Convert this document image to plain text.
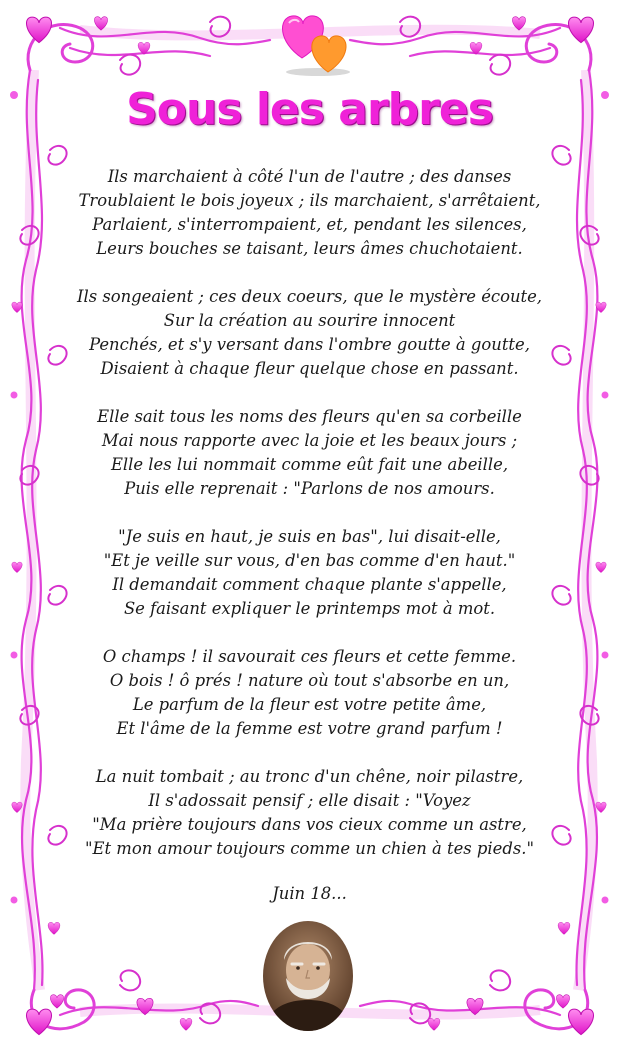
Sous les arbres
Ils marchaient à côté l'un de l'autre ; des danses
Troublaient le bois joyeux ; ils marchaient, s'arrêtaient,
Parlaient, s'interrompaient, et, pendant les silences,
Leurs bouches se taisant, leurs âmes chuchotaient.
Ils songeaient ; ces deux coeurs, que le mystère écoute,
Sur la création au sourire innocent
Penchés, et s'y versant dans l'ombre goutte à goutte,
Disaient à chaque fleur quelque chose en passant.
Elle sait tous les noms des fleurs qu'en sa corbeille
Mai nous rapporte avec la joie et les beaux jours ;
Elle les lui nommait comme eût fait une abeille,
Puis elle reprenait : "Parlons de nos amours.
"Je suis en haut, je suis en bas", lui disait-elle,
"Et je veille sur vous, d'en bas comme d'en haut."
Il demandait comment chaque plante s'appelle,
Se faisant expliquer le printemps mot à mot.
O champs ! il savourait ces fleurs et cette femme.
O bois ! ô prés ! nature où tout s'absorbe en un,
Le parfum de la fleur est votre petite âme,
Et l'âme de la femme est votre grand parfum !
La nuit tombait ; au tronc d'un chêne, noir pilastre,
Il s'adossait pensif ; elle disait : "Voyez
"Ma prière toujours dans vos cieux comme un astre,
"Et mon amour toujours comme un chien à tes pieds."
Juin 18...
